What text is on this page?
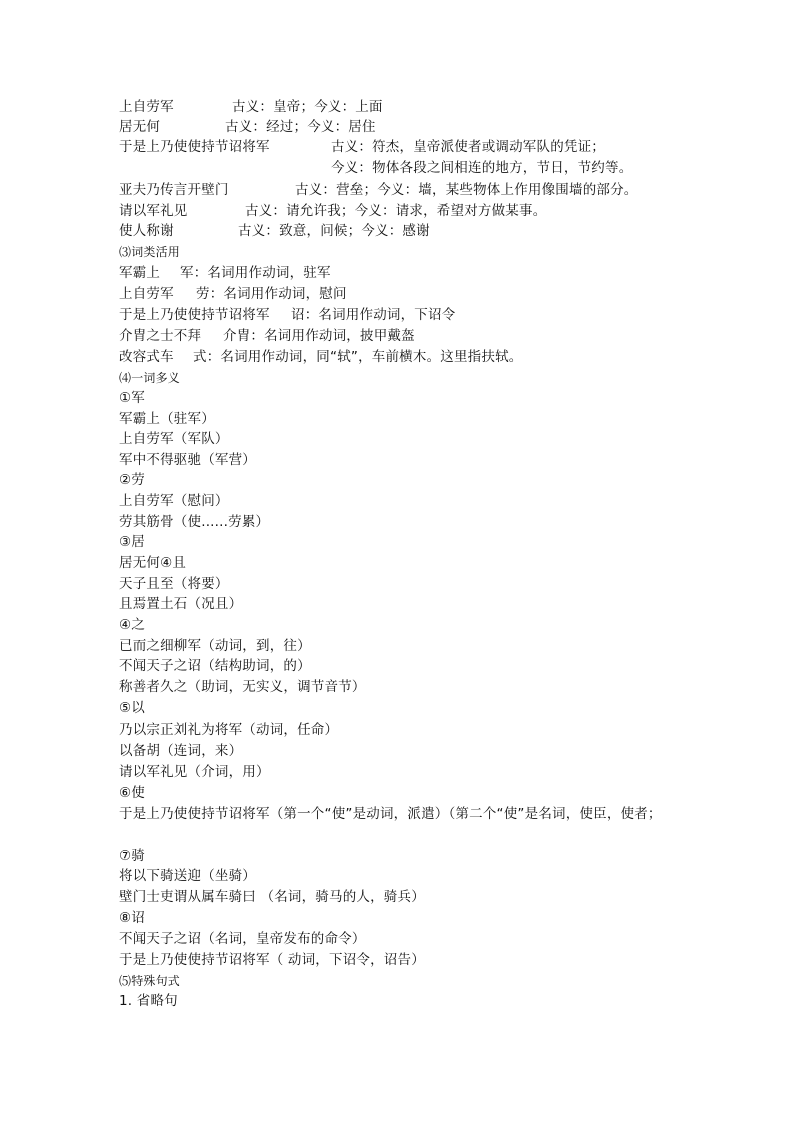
上自劳军	古义：皇帝；今义：上面
居无何	古义：经过；今义：居住
于是上乃使使持节诏将军	古义：符杰，皇帝派使者或调动军队的凭证；
今义：物体各段之间相连的地方，节日，节约等。
亚夫乃传言开壁门	古义：营垒；今义：墙，某些物体上作用像围墙的部分。
请以军礼见	古义：请允许我；今义：请求，希望对方做某事。
使人称谢	古义：致意，问候；今义：感谢
⑶词类活用
军霸上 军：名词用作动词，驻军
上自劳军 劳：名词用作动词，慰问
于是上乃使使持节诏将军 诏：名词用作动词，下诏令
介胄之士不拜 介胄：名词用作动词，披甲戴盔
改容式车 式：名词用作动词，同“轼”，车前横木。这里指扶轼。
⑷一词多义
①军
军霸上（驻军）
上自劳军（军队）
军中不得驱驰（军营）
②劳
上自劳军（慰问）
劳其筋骨（使......劳累）
③居
居无何④且
天子且至（将要）
且焉置土石（况且）
④之
已而之细柳军（动词，到，往）
不闻天子之诏（结构助词，的）
称善者久之（助词，无实义，调节音节）
⑤以
乃以宗正刘礼为将军（动词，任命）
以备胡（连词，来）
请以军礼见（介词，用）
⑥使
于是上乃使使持节诏将军（第一个“使”是动词，派遣）（第二个“使”是名词，使臣，使者；
⑦骑
将以下骑送迎（坐骑）
壁门士吏谓从属车骑曰 （名词，骑马的人，骑兵）
⑧诏
不闻天子之诏（名词，皇帝发布的命令）
于是上乃使使持节诏将军（ 动词，下诏令，诏告）
⑸特殊句式
1. 省略句
